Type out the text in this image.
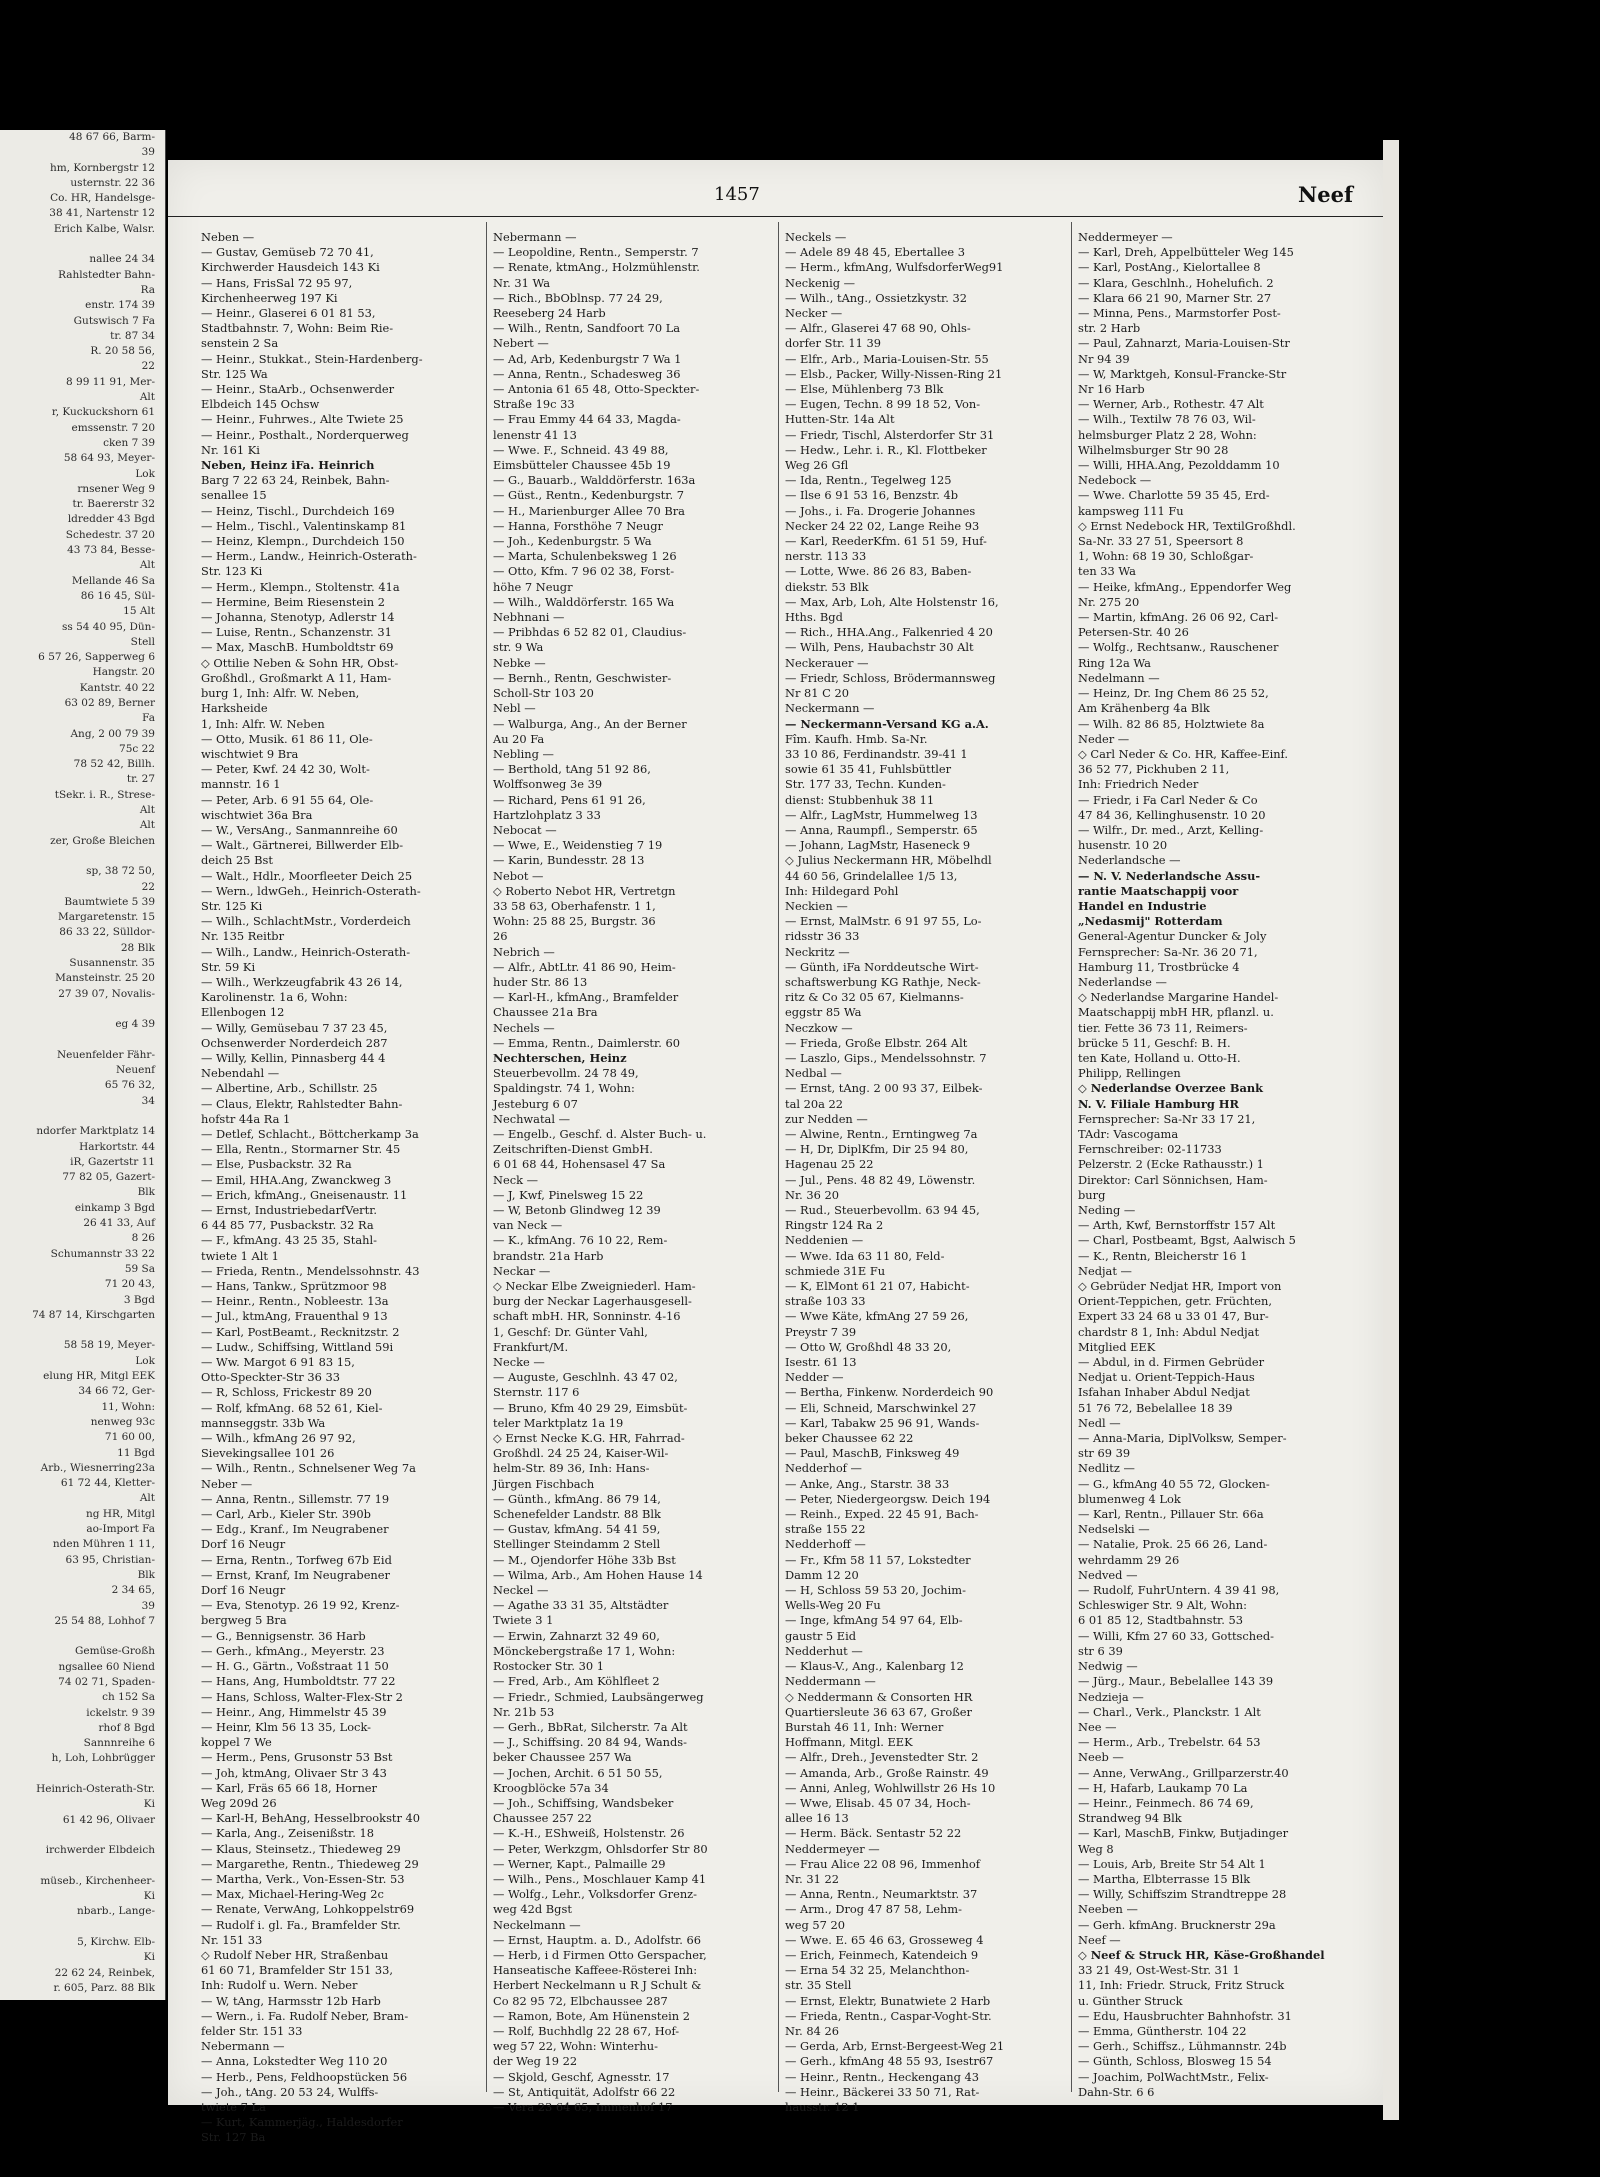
48 67 66, Barm-
39
hm, Kornbergstr 12
usternstr. 22 36
Co. HR, Handelsge-
38 41, Nartenstr 12
Erich Kalbe, Walsr.

nallee 24 34
Rahlstedter Bahn-
Ra
enstr. 174 39
Gutswisch 7 Fa
tr. 87 34
R. 20 58 56,
22
8 99 11 91, Mer-
Alt
r, Kuckuckshorn 61
emssenstr. 7 20
cken 7 39
58 64 93, Meyer-
Lok
rnsener Weg 9
tr. Baererstr 32
ldredder 43 Bgd
Schedestr. 37 20
43 73 84, Besse-
Alt
Mellande 46 Sa
86 16 45, Sül-
15 Alt
ss 54 40 95, Dün-
Stell
6 57 26, Sapperweg 6
Hangstr. 20
Kantstr. 40 22
63 02 89, Berner
Fa
Ang, 2 00 79 39
75c 22
78 52 42, Billh.
tr. 27
tSekr. i. R., Strese-
Alt
Alt
zer, Große Bleichen

sp, 38 72 50,
22
Baumtwiete 5 39
Margaretenstr. 15
86 33 22, Sülldor-
28 Blk
Susannenstr. 35
Mansteinstr. 25 20
27 39 07, Novalis-

eg 4 39

Neuenfelder Fähr-
Neuenf
65 76 32,
34

ndorfer Marktplatz 14
Harkortstr. 44
iR, Gazertstr 11
77 82 05, Gazert-
Blk
einkamp 3 Bgd
26 41 33, Auf
8 26
Schumannstr 33 22
59 Sa
71 20 43,
3 Bgd
74 87 14, Kirschgarten

58 58 19, Meyer-
Lok
elung HR, Mitgl EEK
34 66 72, Ger-
11, Wohn:
nenweg 93c
71 60 00,
11 Bgd
Arb., Wiesnerring23a
61 72 44, Kletter-
Alt
ng HR, Mitgl
ao-Import Fa
nden Mühren 1 11,
63 95, Christian-
Blk
2 34 65,
39
25 54 88, Lohhof 7

Gemüse-Großh
ngsallee 60 Niend
74 02 71, Spaden-
ch 152 Sa
ickelstr. 9 39
rhof 8 Bgd
Sannnreihe 6
h, Loh, Lohbrügger

Heinrich-Osterath-Str.
Ki
61 42 96, Olivaer

irchwerder Elbdeich

müseb., Kirchenheer-
Ki
nbarb., Lange-

5, Kirchw. Elb-
Ki
22 62 24, Reinbek,
r. 605, Parz. 88 Blk
1457	Neef
Neben —
— Gustav, Gemüseb 72 70 41,
Kirchwerder Hausdeich 143 Ki
— Hans, FrisSal 72 95 97,
Kirchenheerweg 197 Ki
— Heinr., Glaserei 6 01 81 53,
Stadtbahnstr. 7, Wohn: Beim Rie-
senstein 2 Sa
— Heinr., Stukkat., Stein-Hardenberg-
Str. 125 Wa
— Heinr., StaArb., Ochsenwerder
Elbdeich 145 Ochsw
— Heinr., Fuhrwes., Alte Twiete 25
— Heinr., Posthalt., Norderquerweg
Nr. 161 Ki
Neben, Heinz iFa. Heinrich
Barg 7 22 63 24, Reinbek, Bahn-
senallee 15
— Heinz, Tischl., Durchdeich 169
— Helm., Tischl., Valentinskamp 81
— Heinz, Klempn., Durchdeich 150
— Herm., Landw., Heinrich-Osterath-
Str. 123 Ki
— Herm., Klempn., Stoltenstr. 41a
— Hermine, Beim Riesenstein 2
— Johanna, Stenotyp, Adlerstr 14
— Luise, Rentn., Schanzenstr. 31
— Max, MaschB. Humboldtstr 69
◇ Ottilie Neben & Sohn HR, Obst-
Großhdl., Großmarkt A 11, Ham-
burg 1, Inh: Alfr. W. Neben,
Harksheide
1, Inh: Alfr. W. Neben
— Otto, Musik. 61 86 11, Ole-
wischtwiet 9 Bra
— Peter, Kwf. 24 42 30, Wolt-
mannstr. 16 1
— Peter, Arb. 6 91 55 64, Ole-
wischtwiet 36a Bra
— W., VersAng., Sanmannreihe 60
— Walt., Gärtnerei, Billwerder Elb-
deich 25 Bst
— Walt., Hdlr., Moorfleeter Deich 25
— Wern., ldwGeh., Heinrich-Osterath-
Str. 125 Ki
— Wilh., SchlachtMstr., Vorderdeich
Nr. 135 Reitbr
— Wilh., Landw., Heinrich-Osterath-
Str. 59 Ki
— Wilh., Werkzeugfabrik 43 26 14,
Karolinenstr. 1a 6, Wohn:
Ellenbogen 12
— Willy, Gemüsebau 7 37 23 45,
Ochsenwerder Norderdeich 287
— Willy, Kellin, Pinnasberg 44 4
Nebendahl —
— Albertine, Arb., Schillstr. 25
— Claus, Elektr, Rahlstedter Bahn-
hofstr 44a Ra 1
— Detlef, Schlacht., Böttcherkamp 3a
— Ella, Rentn., Stormarner Str. 45
— Else, Pusbackstr. 32 Ra
— Emil, HHA.Ang, Zwanckweg 3
— Erich, kfmAng., Gneisenaustr. 11
— Ernst, IndustriebedarfVertr.
6 44 85 77, Pusbackstr. 32 Ra
— F., kfmAng. 43 25 35, Stahl-
twiete 1 Alt 1
— Frieda, Rentn., Mendelssohnstr. 43
— Hans, Tankw., Sprützmoor 98
— Heinr., Rentn., Nobleestr. 13a
— Jul., ktmAng, Frauenthal 9 13
— Karl, PostBeamt., Recknitzstr. 2
— Ludw., Schiffsing, Wittland 59i
— Ww. Margot 6 91 83 15,
Otto-Speckter-Str 36 33
— R, Schloss, Frickestr 89 20
— Rolf, kfmAng. 68 52 61, Kiel-
mannseggstr. 33b Wa
— Wilh., kfmAng 26 97 92,
Sievekingsallee 101 26
— Wilh., Rentn., Schnelsener Weg 7a
Neber —
— Anna, Rentn., Sillemstr. 77 19
— Carl, Arb., Kieler Str. 390b
— Edg., Kranf., Im Neugrabener
Dorf 16 Neugr
— Erna, Rentn., Torfweg 67b Eid
— Ernst, Kranf, Im Neugrabener
Dorf 16 Neugr
— Eva, Stenotyp. 26 19 92, Krenz-
bergweg 5 Bra
— G., Bennigsenstr. 36 Harb
— Gerh., kfmAng., Meyerstr. 23
— H. G., Gärtn., Voßstraat 11 50
— Hans, Ang, Humboldtstr. 77 22
— Hans, Schloss, Walter-Flex-Str 2
— Heinr., Ang, Himmelstr 45 39
— Heinr, Klm 56 13 35, Lock-
koppel 7 We
— Herm., Pens, Grusonstr 53 Bst
— Joh, ktmAng, Olivaer Str 3 43
— Karl, Fräs 65 66 18, Horner
Weg 209d 26
— Karl-H, BehAng, Hesselbrookstr 40
— Karla, Ang., Zeisenißstr. 18
— Klaus, Steinsetz., Thiedeweg 29
— Margarethe, Rentn., Thiedeweg 29
— Martha, Verk., Von-Essen-Str. 53
— Max, Michael-Hering-Weg 2c
— Renate, VerwAng, Lohkoppelstr69
— Rudolf i. gl. Fa., Bramfelder Str.
Nr. 151 33
◇ Rudolf Neber HR, Straßenbau
61 60 71, Bramfelder Str 151 33,
Inh: Rudolf u. Wern. Neber
— W, tAng, Harmsstr 12b Harb
— Wern., i. Fa. Rudolf Neber, Bram-
felder Str. 151 33
Nebermann —
— Anna, Lokstedter Weg 110 20
— Herb., Pens, Feldhoopstücken 56
— Joh., tAng. 20 53 24, Wulffs-
twiete 7 La
— Kurt, Kammerjäg., Haldesdorfer
Str. 127 Ba
Nebermann —
— Leopoldine, Rentn., Semperstr. 7
— Renate, ktmAng., Holzmühlenstr.
Nr. 31 Wa
— Rich., BbOblnsp. 77 24 29,
Reeseberg 24 Harb
— Wilh., Rentn, Sandfoort 70 La
Nebert —
— Ad, Arb, Kedenburgstr 7 Wa 1
— Anna, Rentn., Schadesweg 36
— Antonia 61 65 48, Otto-Speckter-
Straße 19c 33
— Frau Emmy 44 64 33, Magda-
lenenstr 41 13
— Wwe. F., Schneid. 43 49 88,
Eimsbütteler Chaussee 45b 19
— G., Bauarb., Walddörferstr. 163a
— Güst., Rentn., Kedenburgstr. 7
— H., Marienburger Allee 70 Bra
— Hanna, Forsthöhe 7 Neugr
— Joh., Kedenburgstr. 5 Wa
— Marta, Schulenbeksweg 1 26
— Otto, Kfm. 7 96 02 38, Forst-
höhe 7 Neugr
— Wilh., Walddörferstr. 165 Wa
Nebhnani —
— Pribhdas 6 52 82 01, Claudius-
str. 9 Wa
Nebke —
— Bernh., Rentn, Geschwister-
Scholl-Str 103 20
Nebl —
— Walburga, Ang., An der Berner
Au 20 Fa
Nebling —
— Berthold, tAng 51 92 86,
Wolffsonweg 3e 39
— Richard, Pens 61 91 26,
Hartzlohplatz 3 33
Nebocat —
— Wwe, E., Weidenstieg 7 19
— Karin, Bundesstr. 28 13
Nebot —
◇ Roberto Nebot HR, Vertretgn
33 58 63, Oberhafenstr. 1 1,
Wohn: 25 88 25, Burgstr. 36
26
Nebrich —
— Alfr., AbtLtr. 41 86 90, Heim-
huder Str. 86 13
— Karl-H., kfmAng., Bramfelder
Chaussee 21a Bra
Nechels —
— Emma, Rentn., Daimlerstr. 60
Nechterschen, Heinz
Steuerbevollm. 24 78 49,
Spaldingstr. 74 1, Wohn:
Jesteburg 6 07
Nechwatal —
— Engelb., Geschf. d. Alster Buch- u.
Zeitschriften-Dienst GmbH.
6 01 68 44, Hohensasel 47 Sa
Neck —
— J, Kwf, Pinelsweg 15 22
— W, Betonb Glindweg 12 39
van Neck —
— K., kfmAng. 76 10 22, Rem-
brandstr. 21a Harb
Neckar —
◇ Neckar Elbe Zweigniederl. Ham-
burg der Neckar Lagerhausgesell-
schaft mbH. HR, Sonninstr. 4-16
1, Geschf: Dr. Günter Vahl,
Frankfurt/M.
Necke —
— Auguste, Geschlnh. 43 47 02,
Sternstr. 117 6
— Bruno, Kfm 40 29 29, Eimsbüt-
teler Marktplatz 1a 19
◇ Ernst Necke K.G. HR, Fahrrad-
Großhdl. 24 25 24, Kaiser-Wil-
helm-Str. 89 36, Inh: Hans-
Jürgen Fischbach
— Günth., kfmAng. 86 79 14,
Schenefelder Landstr. 88 Blk
— Gustav, kfmAng. 54 41 59,
Stellinger Steindamm 2 Stell
— M., Ojendorfer Höhe 33b Bst
— Wilma, Arb., Am Hohen Hause 14
Neckel —
— Agathe 33 31 35, Altstädter
Twiete 3 1
— Erwin, Zahnarzt 32 49 60,
Mönckebergstraße 17 1, Wohn:
Rostocker Str. 30 1
— Fred, Arb., Am Köhlfleet 2
— Friedr., Schmied, Laubsängerweg
Nr. 21b 53
— Gerh., BbRat, Silcherstr. 7a Alt
— J., Schiffsing. 20 84 94, Wands-
beker Chaussee 257 Wa
— Jochen, Archit. 6 51 50 55,
Kroogblöcke 57a 34
— Joh., Schiffsing, Wandsbeker
Chaussee 257 22
— K.-H., EShweiß, Holstenstr. 26
— Peter, Werkzgm, Ohlsdorfer Str 80
— Werner, Kapt., Palmaille 29
— Wilh., Pens., Moschlauer Kamp 41
— Wolfg., Lehr., Volksdorfer Grenz-
weg 42d Bgst
Neckelmann —
— Ernst, Hauptm. a. D., Adolfstr. 66
— Herb, i d Firmen Otto Gerspacher,
Hanseatische Kaffeee-Rösterei Inh:
Herbert Neckelmann u R J Schult &
Co 82 95 72, Elbchaussee 287
— Ramon, Bote, Am Hünenstein 2
— Rolf, Buchhdlg 22 28 67, Hof-
weg 57 22, Wohn: Winterhu-
der Weg 19 22
— Skjold, Geschf, Agnesstr. 17
— St, Antiquität, Adolfstr 66 22
— Vera 23 64 65, Immenhof 17
Neckels —
— Adele 89 48 45, Ebertallee 3
— Herm., kfmAng, WulfsdorferWeg91
Neckenig —
— Wilh., tAng., Ossietzkystr. 32
Necker —
— Alfr., Glaserei 47 68 90, Ohls-
dorfer Str. 11 39
— Elfr., Arb., Maria-Louisen-Str. 55
— Elsb., Packer, Willy-Nissen-Ring 21
— Else, Mühlenberg 73 Blk
— Eugen, Techn. 8 99 18 52, Von-
Hutten-Str. 14a Alt
— Friedr, Tischl, Alsterdorfer Str 31
— Hedw., Lehr. i. R., Kl. Flottbeker
Weg 26 Gfl
— Ida, Rentn., Tegelweg 125
— Ilse 6 91 53 16, Benzstr. 4b
— Johs., i. Fa. Drogerie Johannes
Necker 24 22 02, Lange Reihe 93
— Karl, ReederKfm. 61 51 59, Huf-
nerstr. 113 33
— Lotte, Wwe. 86 26 83, Baben-
diekstr. 53 Blk
— Max, Arb, Loh, Alte Holstenstr 16,
Hths. Bgd
— Rich., HHA.Ang., Falkenried 4 20
— Wilh, Pens, Haubachstr 30 Alt
Neckerauer —
— Friedr, Schloss, Brödermannsweg
Nr 81 C 20
Neckermann —
— Neckermann-Versand KG a.A.
Fîm. Kaufh. Hmb. Sa-Nr.
33 10 86, Ferdinandstr. 39-41 1
sowie 61 35 41, Fuhlsbüttler
Str. 177 33, Techn. Kunden-
dienst: Stubbenhuk 38 11
— Alfr., LagMstr, Hummelweg 13
— Anna, Raumpfl., Semperstr. 65
— Johann, LagMstr, Haseneck 9
◇ Julius Neckermann HR, Möbelhdl
44 60 56, Grindelallee 1/5 13,
Inh: Hildegard Pohl
Neckien —
— Ernst, MalMstr. 6 91 97 55, Lo-
ridsstr 36 33
Neckritz —
— Günth, iFa Norddeutsche Wirt-
schaftswerbung KG Rathje, Neck-
ritz & Co 32 05 67, Kielmanns-
eggstr 85 Wa
Neczkow —
— Frieda, Große Elbstr. 264 Alt
— Laszlo, Gips., Mendelssohnstr. 7
Nedbal —
— Ernst, tAng. 2 00 93 37, Eilbek-
tal 20a 22
zur Nedden —
— Alwine, Rentn., Erntingweg 7a
— H, Dr, DiplKfm, Dir 25 94 80,
Hagenau 25 22
— Jul., Pens. 48 82 49, Löwenstr.
Nr. 36 20
— Rud., Steuerbevollm. 63 94 45,
Ringstr 124 Ra 2
Neddenien —
— Wwe. Ida 63 11 80, Feld-
schmiede 31E Fu
— K, ElMont 61 21 07, Habicht-
straße 103 33
— Wwe Käte, kfmAng 27 59 26,
Preystr 7 39
— Otto W, Großhdl 48 33 20,
Isestr. 61 13
Nedder —
— Bertha, Finkenw. Norderdeich 90
— Eli, Schneid, Marschwinkel 27
— Karl, Tabakw 25 96 91, Wands-
beker Chaussee 62 22
— Paul, MaschB, Finksweg 49
Nedderhof —
— Anke, Ang., Starstr. 38 33
— Peter, Niedergeorgsw. Deich 194
— Reinh., Exped. 22 45 91, Bach-
straße 155 22
Nedderhoff —
— Fr., Kfm 58 11 57, Lokstedter
Damm 12 20
— H, Schloss 59 53 20, Jochim-
Wells-Weg 20 Fu
— Inge, kfmAng 54 97 64, Elb-
gaustr 5 Eid
Nedderhut —
— Klaus-V., Ang., Kalenbarg 12
Neddermann —
◇ Neddermann & Consorten HR
Quartiersleute 36 63 67, Großer
Burstah 46 11, Inh: Werner
Hoffmann, Mitgl. EEK
— Alfr., Dreh., Jevenstedter Str. 2
— Amanda, Arb., Große Rainstr. 49
— Anni, Anleg, Wohlwillstr 26 Hs 10
— Wwe, Elisab. 45 07 34, Hoch-
allee 16 13
— Herm. Bäck. Sentastr 52 22
Neddermeyer —
— Frau Alice 22 08 96, Immenhof
Nr. 31 22
— Anna, Rentn., Neumarktstr. 37
— Arm., Drog 47 87 58, Lehm-
weg 57 20
— Wwe. E. 65 46 63, Grosseweg 4
— Erich, Feinmech, Katendeich 9
— Erna 54 32 25, Melanchthon-
str. 35 Stell
— Ernst, Elektr, Bunatwiete 2 Harb
— Frieda, Rentn., Caspar-Voght-Str.
Nr. 84 26
— Gerda, Arb, Ernst-Bergeest-Weg 21
— Gerh., kfmAng 48 55 93, Isestr67
— Heinr., Rentn., Heckengang 43
— Heinr., Bäckerei 33 50 71, Rat-
hausstr. 12 1
Neddermeyer —
— Karl, Dreh, Appelbütteler Weg 145
— Karl, PostAng., Kielortallee 8
— Klara, Geschlnh., Hohelufich. 2
— Klara 66 21 90, Marner Str. 27
— Minna, Pens., Marmstorfer Post-
str. 2 Harb
— Paul, Zahnarzt, Maria-Louisen-Str
Nr 94 39
— W, Marktgeh, Konsul-Francke-Str
Nr 16 Harb
— Werner, Arb., Rothestr. 47 Alt
— Wilh., Textilw 78 76 03, Wil-
helmsburger Platz 2 28, Wohn:
Wilhelmsburger Str 90 28
— Willi, HHA.Ang, Pezolddamm 10
Nedebock —
— Wwe. Charlotte 59 35 45, Erd-
kampsweg 111 Fu
◇ Ernst Nedebock HR, TextilGroßhdl.
Sa-Nr. 33 27 51, Speersort 8
1, Wohn: 68 19 30, Schloßgar-
ten 33 Wa
— Heike, kfmAng., Eppendorfer Weg
Nr. 275 20
— Martin, kfmAng. 26 06 92, Carl-
Petersen-Str. 40 26
— Wolfg., Rechtsanw., Rauschener
Ring 12a Wa
Nedelmann —
— Heinz, Dr. Ing Chem 86 25 52,
Am Krähenberg 4a Blk
— Wilh. 82 86 85, Holztwiete 8a
Neder —
◇ Carl Neder & Co. HR, Kaffee-Einf.
36 52 77, Pickhuben 2 11,
Inh: Friedrich Neder
— Friedr, i Fa Carl Neder & Co
47 84 36, Kellinghusenstr. 10 20
— Wilfr., Dr. med., Arzt, Kelling-
husenstr. 10 20
Nederlandsche —
— N. V. Nederlandsche Assu-
rantie Maatschappij voor
Handel en Industrie
„Nedasmij" Rotterdam
General-Agentur Duncker & Joly
Fernsprecher: Sa-Nr. 36 20 71,
Hamburg 11, Trostbrücke 4
Nederlandse —
◇ Nederlandse Margarine Handel-
Maatschappij mbH HR, pflanzl. u.
tier. Fette 36 73 11, Reimers-
brücke 5 11, Geschf: B. H.
ten Kate, Holland u. Otto-H.
Philipp, Rellingen
◇ Nederlandse Overzee Bank
N. V. Filiale Hamburg HR
Fernsprecher: Sa-Nr 33 17 21,
TAdr: Vascogama
Fernschreiber: 02-11733
Pelzerstr. 2 (Ecke Rathausstr.) 1
Direktor: Carl Sönnichsen, Ham-
burg
Neding —
— Arth, Kwf, Bernstorffstr 157 Alt
— Charl, Postbeamt, Bgst, Aalwisch 5
— K., Rentn, Bleicherstr 16 1
Nedjat —
◇ Gebrüder Nedjat HR, Import von
Orient-Teppichen, getr. Früchten,
Expert 33 24 68 u 33 01 47, Bur-
chardstr 8 1, Inh: Abdul Nedjat
Mitglied EEK
— Abdul, in d. Firmen Gebrüder
Nedjat u. Orient-Teppich-Haus
Isfahan Inhaber Abdul Nedjat
51 76 72, Bebelallee 18 39
Nedl —
— Anna-Maria, DiplVolksw, Semper-
str 69 39
Nedlitz —
— G., kfmAng 40 55 72, Glocken-
blumenweg 4 Lok
— Karl, Rentn., Pillauer Str. 66a
Nedselski —
— Natalie, Prok. 25 66 26, Land-
wehrdamm 29 26
Nedved —
— Rudolf, FuhrUntern. 4 39 41 98,
Schleswiger Str. 9 Alt, Wohn:
6 01 85 12, Stadtbahnstr. 53
— Willi, Kfm 27 60 33, Gottsched-
str 6 39
Nedwig —
— Jürg., Maur., Bebelallee 143 39
Nedzieja —
— Charl., Verk., Planckstr. 1 Alt
Nee —
— Herm., Arb., Trebelstr. 64 53
Neeb —
— Anne, VerwAng., Grillparzerstr.40
— H, Hafarb, Laukamp 70 La
— Heinr., Feinmech. 86 74 69,
Strandweg 94 Blk
— Karl, MaschB, Finkw, Butjadinger
Weg 8
— Louis, Arb, Breite Str 54 Alt 1
— Martha, Elbterrasse 15 Blk
— Willy, Schiffszim Strandtreppe 28
Neeben —
— Gerh. kfmAng. Brucknerstr 29a
Neef —
◇ Neef & Struck HR, Käse-Großhandel
33 21 49, Ost-West-Str. 31 1
11, Inh: Friedr. Struck, Fritz Struck
u. Günther Struck
— Edu, Hausbruchter Bahnhofstr. 31
— Emma, Güntherstr. 104 22
— Gerh., Schiffsz., Lühmannstr. 24b
— Günth, Schloss, Blosweg 15 54
— Joachim, PolWachtMstr., Felix-
Dahn-Str. 6 6
